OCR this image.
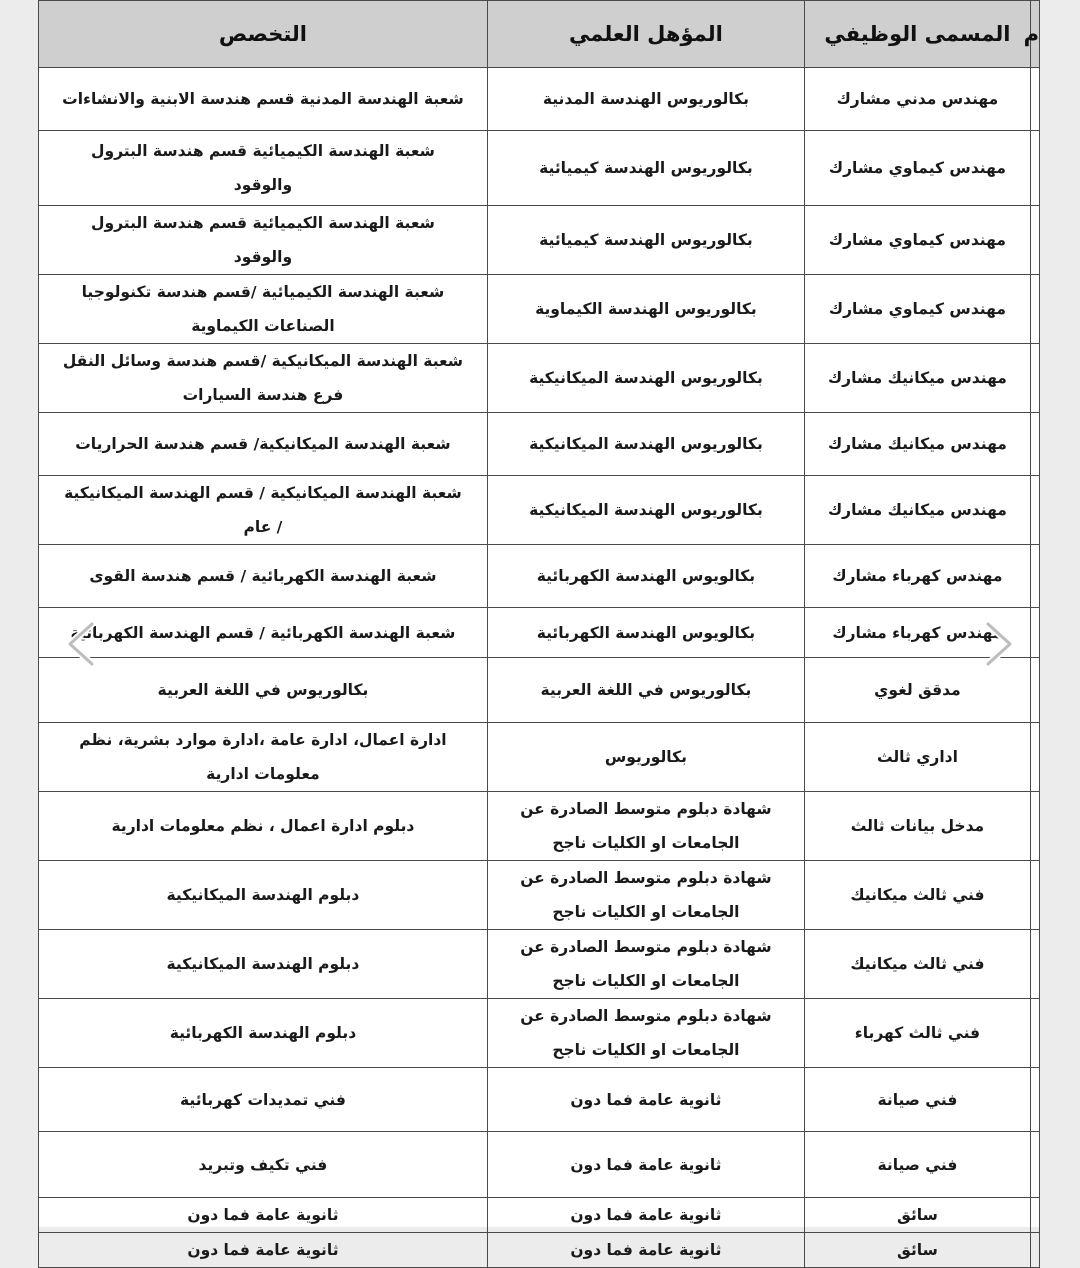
م	المسمى الوظيفي	المؤهل العلمي	التخصص
	مهندس مدني مشارك	بكالوريوس الهندسة المدنية	شعبة الهندسة المدنية قسم هندسة الابنية والانشاءات

	مهندس كيماوي مشارك	بكالوريوس الهندسة كيميائية	شعبة الهندسة الكيميائية قسم هندسة البترول
والوقود

	مهندس كيماوي مشارك	بكالوريوس الهندسة كيميائية	شعبة الهندسة الكيميائية قسم هندسة البترول
والوقود

	مهندس كيماوي مشارك	بكالوريوس الهندسة الكيماوية	شعبة الهندسة الكيميائية /قسم هندسة تكنولوجيا
الصناعات الكيماوية

	مهندس ميكانيك مشارك	بكالوريوس الهندسة الميكانيكية	شعبة الهندسة الميكانيكية /قسم هندسة وسائل النقل
فرع هندسة السيارات

	مهندس ميكانيك مشارك	بكالوريوس الهندسة الميكانيكية	شعبة الهندسة الميكانيكية/ قسم هندسة الحراريات

	مهندس ميكانيك مشارك	بكالوريوس الهندسة الميكانيكية	شعبة الهندسة الميكانيكية / قسم الهندسة الميكانيكية
/ عام

	مهندس كهرباء مشارك	بكالويوس الهندسة الكهربائية	شعبة الهندسة الكهربائية / قسم هندسة القوى

	مهندس كهرباء مشارك	بكالويوس الهندسة الكهربائية	شعبة الهندسة الكهربائية / قسم الهندسة الكهربائية

	مدقق لغوي	بكالوريوس في اللغة العربية	بكالوريوس في اللغة العربية

	اداري ثالث	بكالوريوس	ادارة اعمال، ادارة عامة ،ادارة موارد بشرية، نظم
معلومات ادارية

	مدخل بيانات ثالث	شهادة دبلوم متوسط الصادرة عن
الجامعات او الكليات ناجح	دبلوم ادارة اعمال ، نظم معلومات ادارية

	فني ثالث ميكانيك	شهادة دبلوم متوسط الصادرة عن
الجامعات او الكليات ناجح	دبلوم الهندسة الميكانيكية

	فني ثالث ميكانيك	شهادة دبلوم متوسط الصادرة عن
الجامعات او الكليات ناجح	دبلوم الهندسة الميكانيكية

	فني ثالث كهرباء	شهادة دبلوم متوسط الصادرة عن
الجامعات او الكليات ناجح	دبلوم الهندسة الكهربائية

	فني صيانة	ثانوية عامة فما دون	فني تمديدات كهربائية

	فني صيانة	ثانوية عامة فما دون	فني تكيف وتبريد

	سائق	ثانوية عامة فما دون	ثانوية عامة فما دون

	سائق	ثانوية عامة فما دون	ثانوية عامة فما دون
